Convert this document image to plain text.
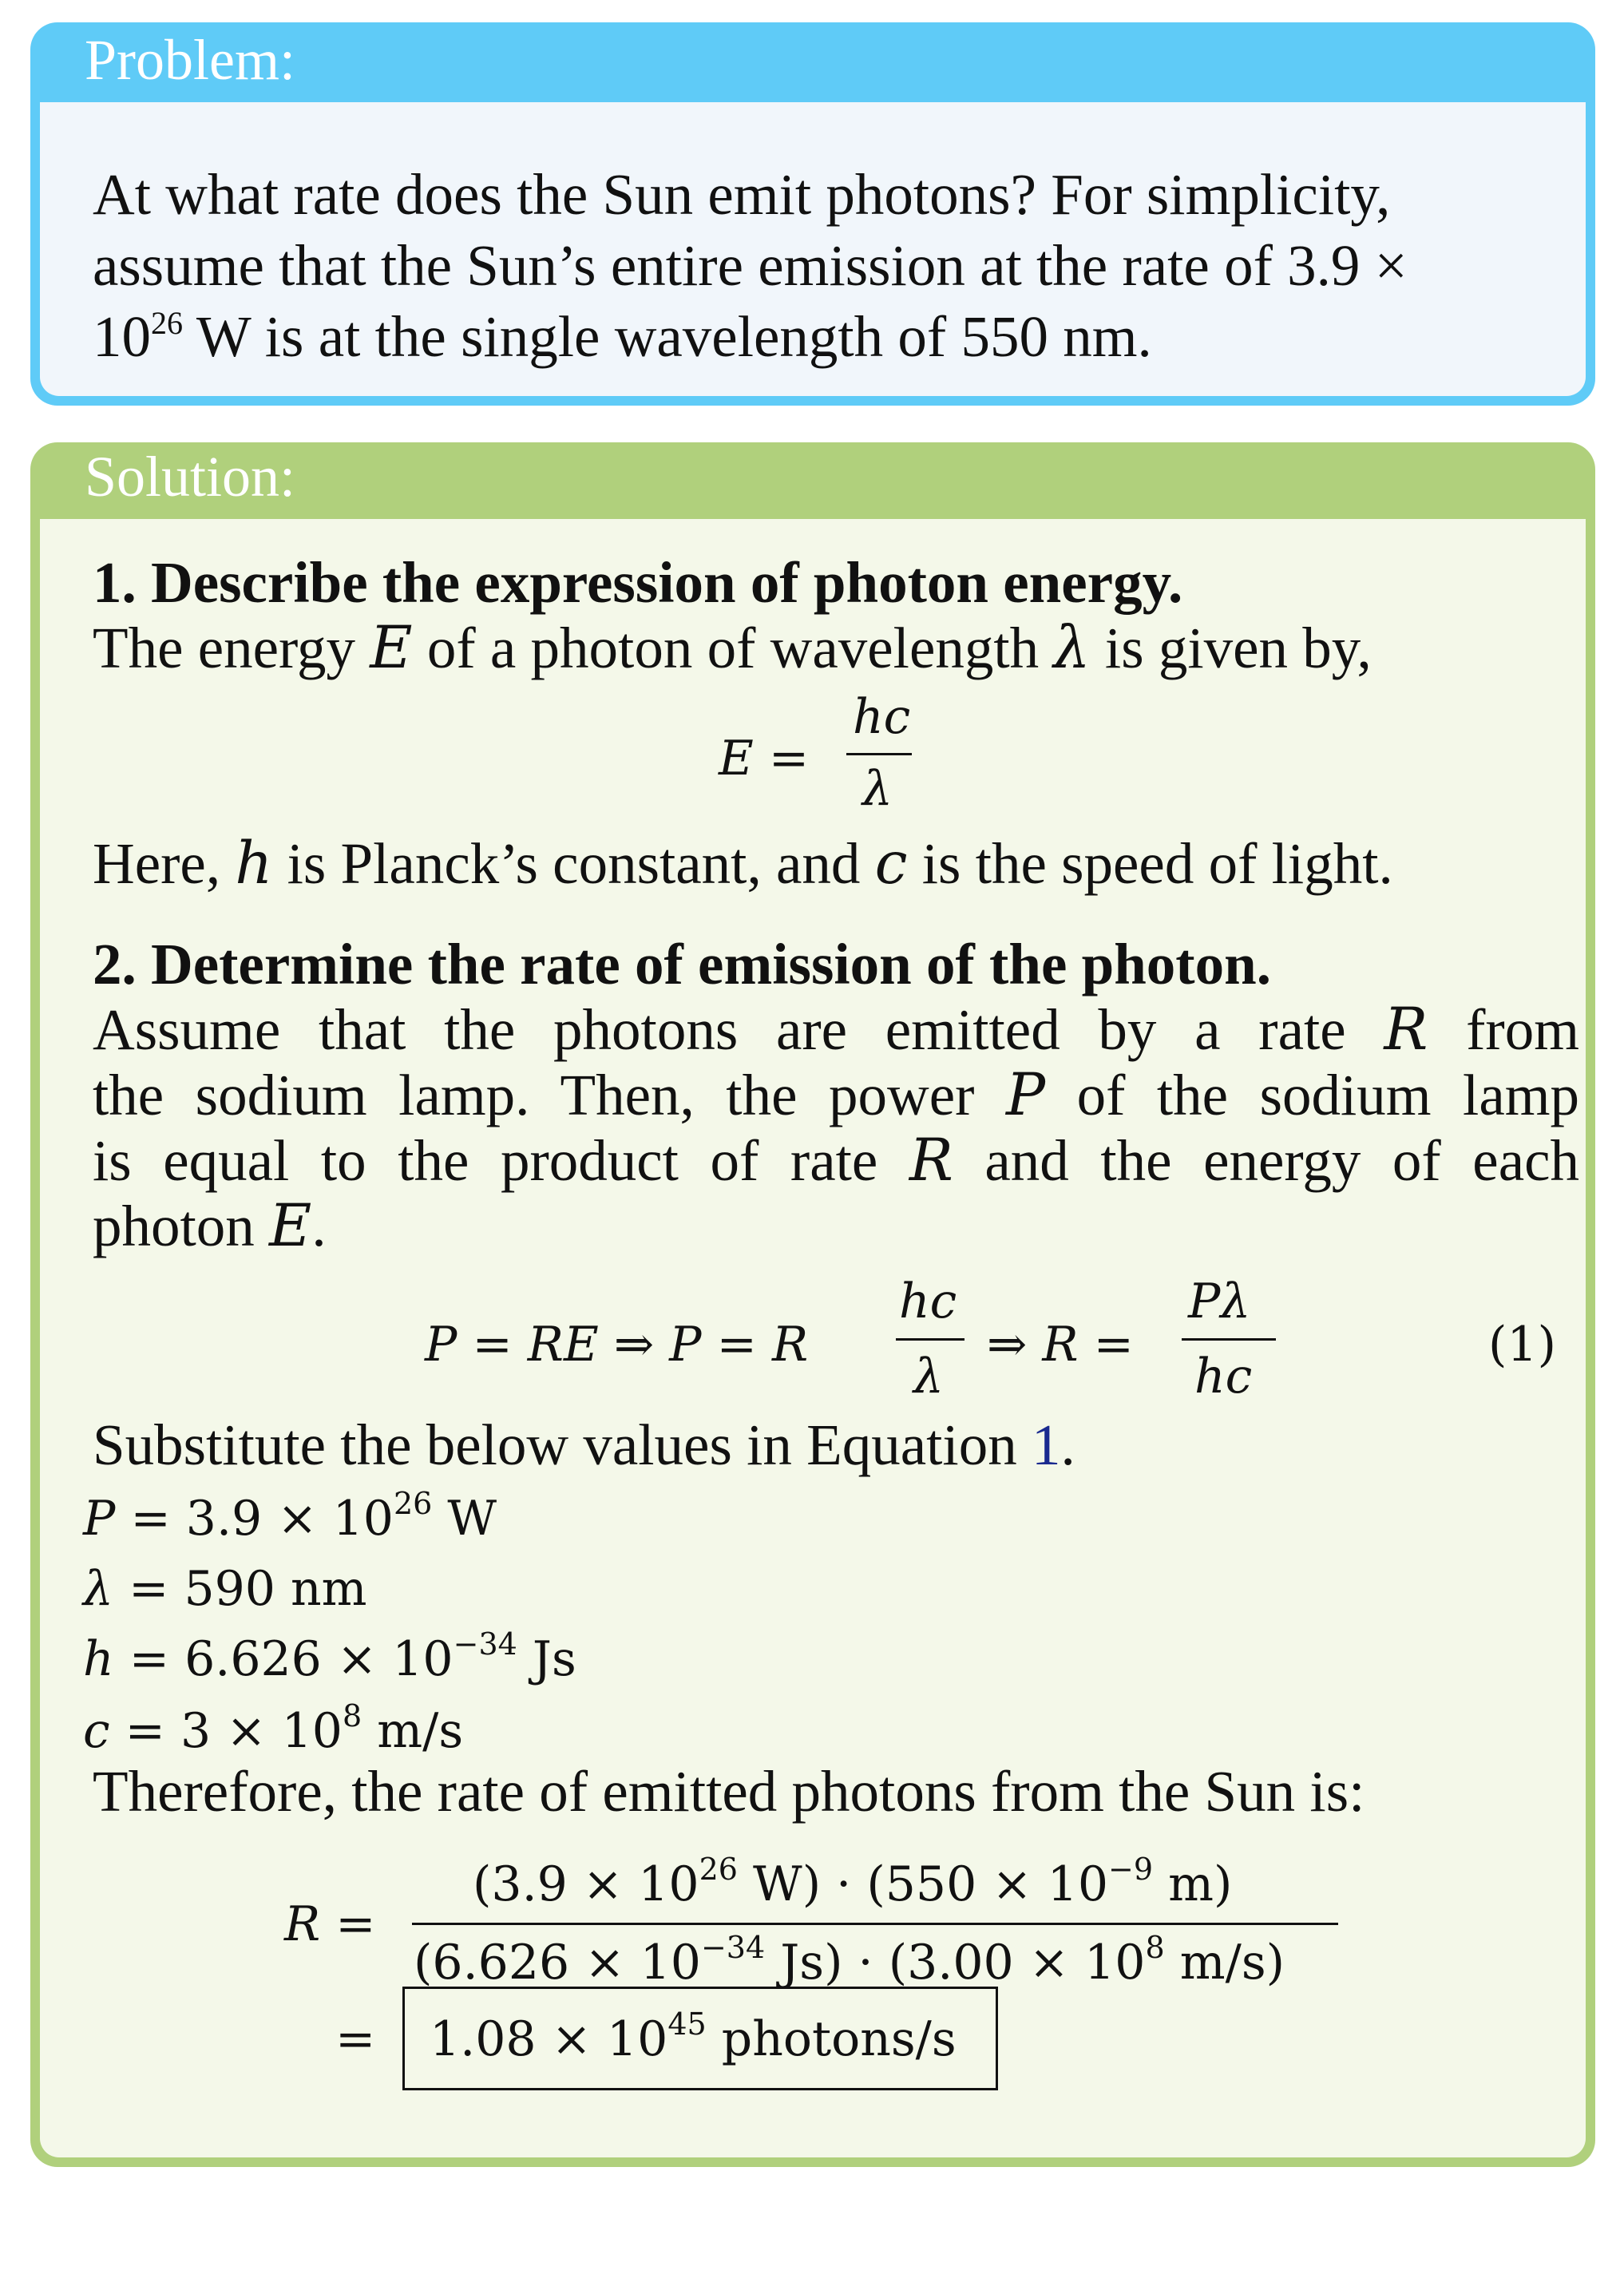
Problem:
At what rate does the Sun emit photons? For simplicity,
assume that the Sun’s entire emission at the rate of 3.9 ×
$10^{26}$ W is at the single wavelength of 550 nm.
Solution:
1. Describe the expression of photon energy.
The energy E of a photon of wavelength λ is given by,
E =
hc
λ
Here, h is Planck’s constant, and c is the speed of light.
2. Determine the rate of emission of the photon.
Assume that the photons are emitted by a rate R from
the sodium lamp. Then, the power P of the sodium lamp
is equal to the product of rate R and the energy of each
photon E.
P = RE ⇒ P = R
hc
λ
⇒ R =
Pλ
hc
(1)
Substitute the below values in Equation 1.
$P = 3.9 \times 10^{26}$ W
λ = 590 nm
$h = 6.626 \times 10^{-34}$ Js
$c = 3 \times 10^8$ m/s
Therefore, the rate of emitted photons from the Sun is:
R =
($3.9 \times 10^{26}$ $W) \cdot (550 \times 10^{-9}$ m)
($6.626 \times 10^{-34}$ $Js) \cdot (3.00 \times 10^8$ m/s)
= $1.08 \times 10^{45}$ photons/s
